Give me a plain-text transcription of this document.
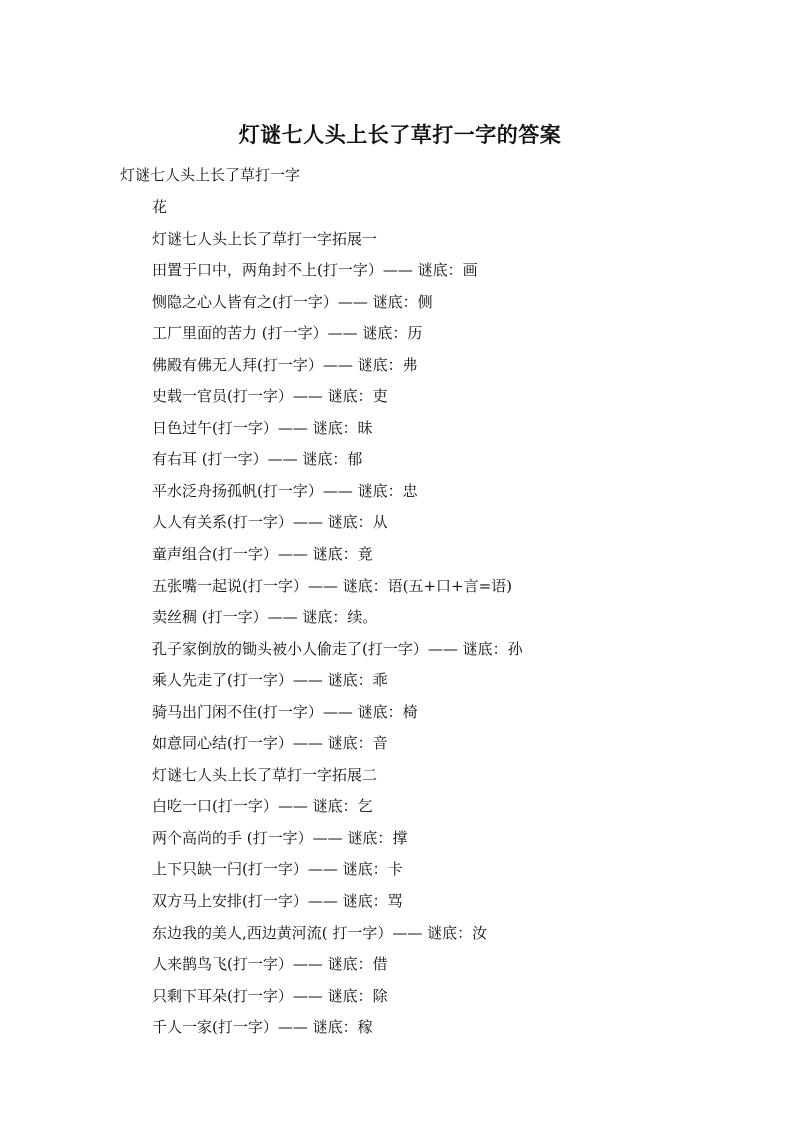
灯谜七人头上长了草打一字的答案
灯谜七人头上长了草打一字
花
灯谜七人头上长了草打一字拓展一
田置于口中，两角封不上(打一字）—— 谜底：画
恻隐之心人皆有之(打一字）—— 谜底：侧
工厂里面的苦力 (打一字）—— 谜底：历
佛殿有佛无人拜(打一字）—— 谜底：弗
史载一官员(打一字）—— 谜底：吏
日色过午(打一字）—— 谜底：昧
有右耳 (打一字）—— 谜底：郁
平水泛舟扬孤帆(打一字）—— 谜底：忠
人人有关系(打一字）—— 谜底：从
童声组合(打一字）—— 谜底：竟
五张嘴一起说(打一字）—— 谜底：语(五+口+言=语)
卖丝稠 (打一字）—— 谜底：续。
孔子家倒放的锄头被小人偷走了(打一字）—— 谜底：孙
乘人先走了(打一字）—— 谜底：乖
骑马出门闲不住(打一字）—— 谜底：椅
如意同心结(打一字）—— 谜底：音
灯谜七人头上长了草打一字拓展二
白吃一口(打一字）—— 谜底：乞
两个高尚的手 (打一字）—— 谜底：撑
上下只缺一闩(打一字）—— 谜底：卡
双方马上安排(打一字）—— 谜底：骂
东边我的美人,西边黄河流( 打一字）—— 谜底：汝
人来鹊鸟飞(打一字）—— 谜底：借
只剩下耳朵(打一字）—— 谜底：除
千人一家(打一字）—— 谜底：稼
